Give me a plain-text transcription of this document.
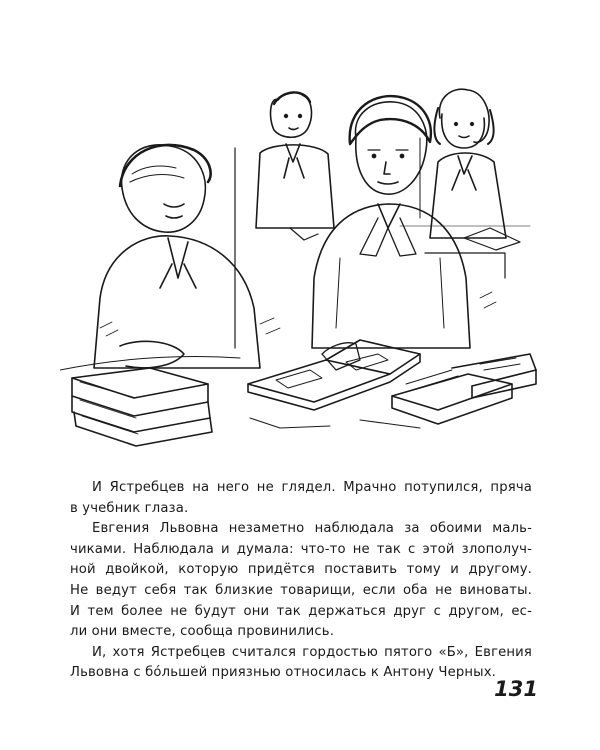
И Ястребцев на него не глядел. Мрачно потупился, пряча
в учебник глаза.

Евгения Львовна незаметно наблюдала за обоими маль-
чиками. Наблюдала и думала: что-то не так с этой злополуч-
ной двойкой, которую придётся поставить тому и другому.
Не ведут себя так близкие товарищи, если оба не виноваты.
И тем более не будут они так держаться друг с другом, ес-
ли они вместе, сообща провинились.

И, хотя Ястребцев считался гордостью пятого «Б», Евгения
Львовна с бóльшей приязнью относилась к Антону Черных.

131
